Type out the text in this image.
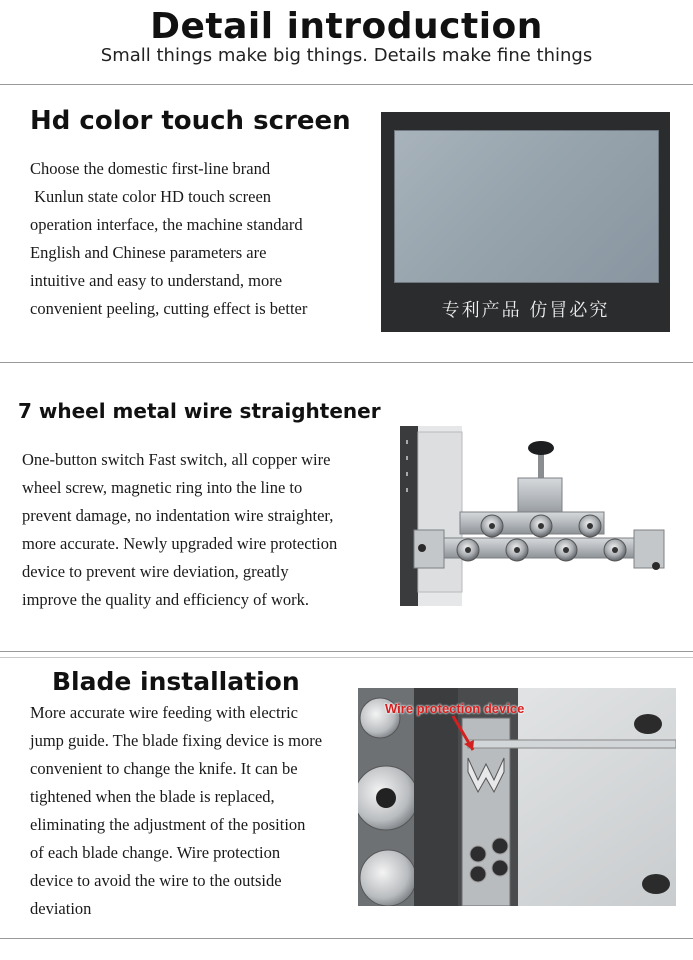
Detail introduction
Small things make big things. Details make fine things
Hd color touch screen
Choose the domestic first-line brand
Kunlun state color HD touch screen
operation interface, the machine standard
English and Chinese parameters are
intuitive and easy to understand, more
convenient peeling, cutting effect is better	专利产品 仿冒必究
7 wheel metal wire straightener
One-button switch Fast switch, all copper wire
wheel screw, magnetic ring into the line to
prevent damage, no indentation wire straighter,
more accurate. Newly upgraded wire protection
device to prevent wire deviation, greatly
improve the quality and efficiency of work.
Blade installation
More accurate wire feeding with electric
jump guide. The blade fixing device is more
convenient to change the knife. It can be
tightened when the blade is replaced,
eliminating the adjustment of the position
of each blade change. Wire protection
device to avoid the wire to the outside
deviation
Wire protection device
